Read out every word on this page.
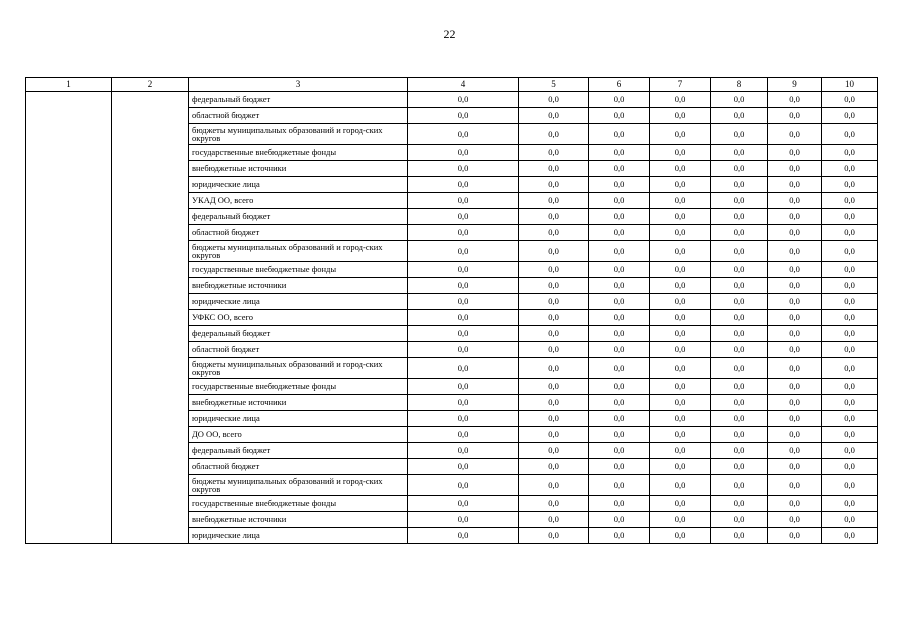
22
1	2	3	4	5	6	7	8	9	10
		федеральный бюджет	0,0	0,0	0,0	0,0	0,0	0,0	0,0
		областной бюджет	0,0	0,0	0,0	0,0	0,0	0,0	0,0
		бюджеты муниципальных образований и город-ских округов	0,0	0,0	0,0	0,0	0,0	0,0	0,0
		государственные внебюджетные фонды	0,0	0,0	0,0	0,0	0,0	0,0	0,0
		внебюджетные источники	0,0	0,0	0,0	0,0	0,0	0,0	0,0
		юридические лица	0,0	0,0	0,0	0,0	0,0	0,0	0,0
		УКАД ОО, всего	0,0	0,0	0,0	0,0	0,0	0,0	0,0
		федеральный бюджет	0,0	0,0	0,0	0,0	0,0	0,0	0,0
		областной бюджет	0,0	0,0	0,0	0,0	0,0	0,0	0,0
		бюджеты муниципальных образований и город-ских округов	0,0	0,0	0,0	0,0	0,0	0,0	0,0
		государственные внебюджетные фонды	0,0	0,0	0,0	0,0	0,0	0,0	0,0
		внебюджетные источники	0,0	0,0	0,0	0,0	0,0	0,0	0,0
		юридические лица	0,0	0,0	0,0	0,0	0,0	0,0	0,0
		УФКС ОО, всего	0,0	0,0	0,0	0,0	0,0	0,0	0,0
		федеральный бюджет	0,0	0,0	0,0	0,0	0,0	0,0	0,0
		областной бюджет	0,0	0,0	0,0	0,0	0,0	0,0	0,0
		бюджеты муниципальных образований и город-ских округов	0,0	0,0	0,0	0,0	0,0	0,0	0,0
		государственные внебюджетные фонды	0,0	0,0	0,0	0,0	0,0	0,0	0,0
		внебюджетные источники	0,0	0,0	0,0	0,0	0,0	0,0	0,0
		юридические лица	0,0	0,0	0,0	0,0	0,0	0,0	0,0
		ДО ОО, всего	0,0	0,0	0,0	0,0	0,0	0,0	0,0
		федеральный бюджет	0,0	0,0	0,0	0,0	0,0	0,0	0,0
		областной бюджет	0,0	0,0	0,0	0,0	0,0	0,0	0,0
		бюджеты муниципальных образований и город-ских округов	0,0	0,0	0,0	0,0	0,0	0,0	0,0
		государственные внебюджетные фонды	0,0	0,0	0,0	0,0	0,0	0,0	0,0
		внебюджетные источники	0,0	0,0	0,0	0,0	0,0	0,0	0,0
		юридические лица	0,0	0,0	0,0	0,0	0,0	0,0	0,0
